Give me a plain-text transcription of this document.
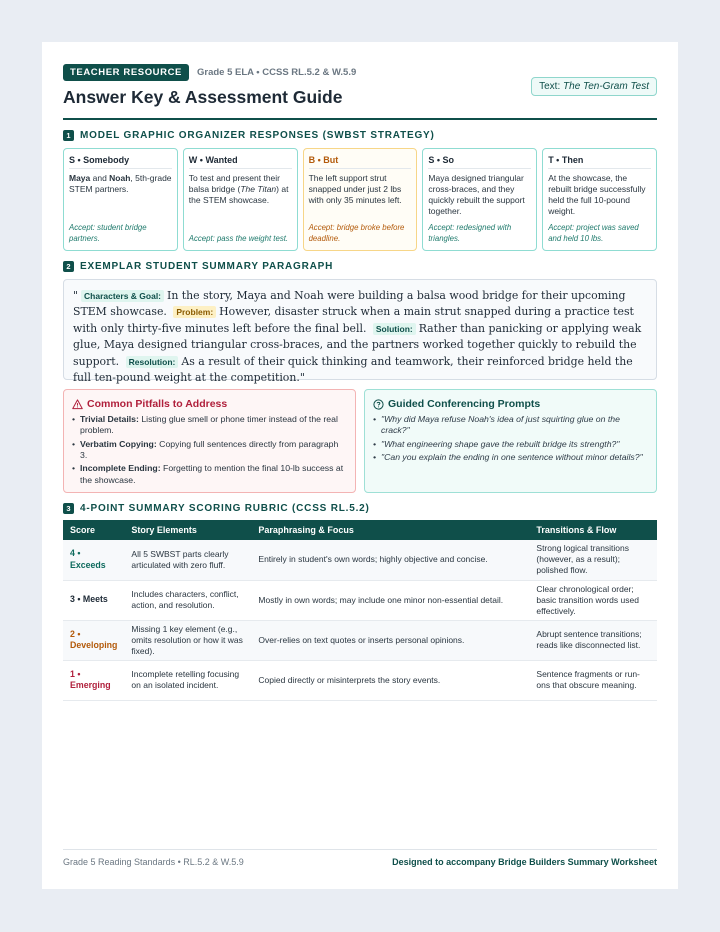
TEACHER RESOURCE	Grade 5 ELA • CCSS RL.5.2 & W.5.9
Answer Key & Assessment Guide
Text: The Ten-Gram Test
1 MODEL GRAPHIC ORGANIZER RESPONSES (SWBST STRATEGY)
S • Somebody
Maya and Noah, 5th-grade STEM partners.
Accept: student bridge partners.
W • Wanted
To test and present their balsa bridge (The Titan) at the STEM showcase.
Accept: pass the weight test.
B • But
The left support strut snapped under just 2 lbs with only 35 minutes left.
Accept: bridge broke before deadline.
S • So
Maya designed triangular cross-braces, and they quickly rebuilt the support together.
Accept: redesigned with triangles.
T • Then
At the showcase, the rebuilt bridge successfully held the full 10-pound weight.
Accept: project was saved and held 10 lbs.
2 EXEMPLAR STUDENT SUMMARY PARAGRAPH
" Characters & Goal: In the story, Maya and Noah were building a balsa wood bridge for their upcoming STEM showcase. Problem: However, disaster struck when a main strut snapped during a practice test with only thirty-five minutes left before the final bell. Solution: Rather than panicking or applying weak glue, Maya designed triangular cross-braces, and the partners worked together quickly to rebuild the support. Resolution: As a result of their quick thinking and teamwork, their reinforced bridge held the full ten-pound weight at the competition."
Common Pitfalls to Address
• Trivial Details: Listing glue smell or phone timer instead of the real problem.
• Verbatim Copying: Copying full sentences directly from paragraph 3.
• Incomplete Ending: Forgetting to mention the final 10-lb success at the showcase.
Guided Conferencing Prompts
• "Why did Maya refuse Noah's idea of just squirting glue on the crack?"
• "What engineering shape gave the rebuilt bridge its strength?"
• "Can you explain the ending in one sentence without minor details?"
3 4-POINT SUMMARY SCORING RUBRIC (CCSS RL.5.2)
Score	Story Elements	Paraphrasing & Focus	Transitions & Flow
4 • Exceeds	All 5 SWBST parts clearly articulated with zero fluff.	Entirely in student's own words; highly objective and concise.	Strong logical transitions (however, as a result); polished flow.
3 • Meets	Includes characters, conflict, action, and resolution.	Mostly in own words; may include one minor non-essential detail.	Clear chronological order; basic transition words used effectively.
2 • Developing	Missing 1 key element (e.g., omits resolution or how it was fixed).	Over-relies on text quotes or inserts personal opinions.	Abrupt sentence transitions; reads like disconnected list.
1 • Emerging	Incomplete retelling focusing on an isolated incident.	Copied directly or misinterprets the story events.	Sentence fragments or run-ons that obscure meaning.
Grade 5 Reading Standards • RL.5.2 & W.5.9	Designed to accompany Bridge Builders Summary Worksheet
